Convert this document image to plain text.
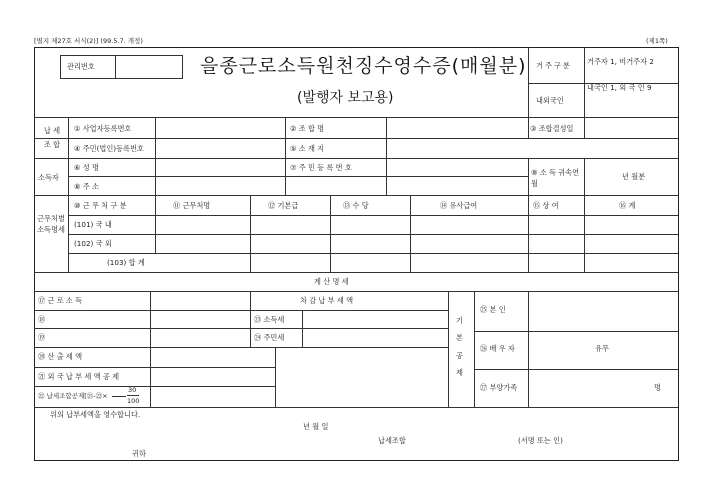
[별지 제27호 서식(2)] (99.5.7. 개정)	(제1쪽)
관리번호	을종근로소득원천징수영수증(매월분)
(발행자 보고용)
거주구분 거주자 1, 비거주자 2
내외국인
내국인 1, 외 국 인 9
납 세 조 합
① 사업자등록번호	② 조 합 명	③ 조합결성일
④ 주민(법인)등록번호	⑤ 소 재 지
소득자
⑥ 성 명	⑦ 주 민 등 록 번 호
⑧ 주 소
⑨ 소 득 귀속연월
년 월분
근무처별소득명세
⑩ 근 무 처 구 분	⑪ 근무처명	⑫ 기본급	⑬ 수 당	⑭ 유사급여	⑮ 상 여	⑯ 계
(101) 국 내
(102) 국 외
(103) 합 계
계 산 명 세
⑰ 근 로 소 득
⑱
⑲
⑳ 산 출 세 액
㉑ 외 국 납 부 세 액 공 제
㉒ 납세조합공제[㉑-㉒×
30
100
차 감 납 부 세 액
㉓ 소득세
㉔ 주민세
기 본 공 제
㉕ 본 인
㉖ 배 우 자	유무
㉗ 부양가족	명
위의 납부세액을 영수합니다.
년 월 일
납세조합	(서명 또는 인)
귀하
